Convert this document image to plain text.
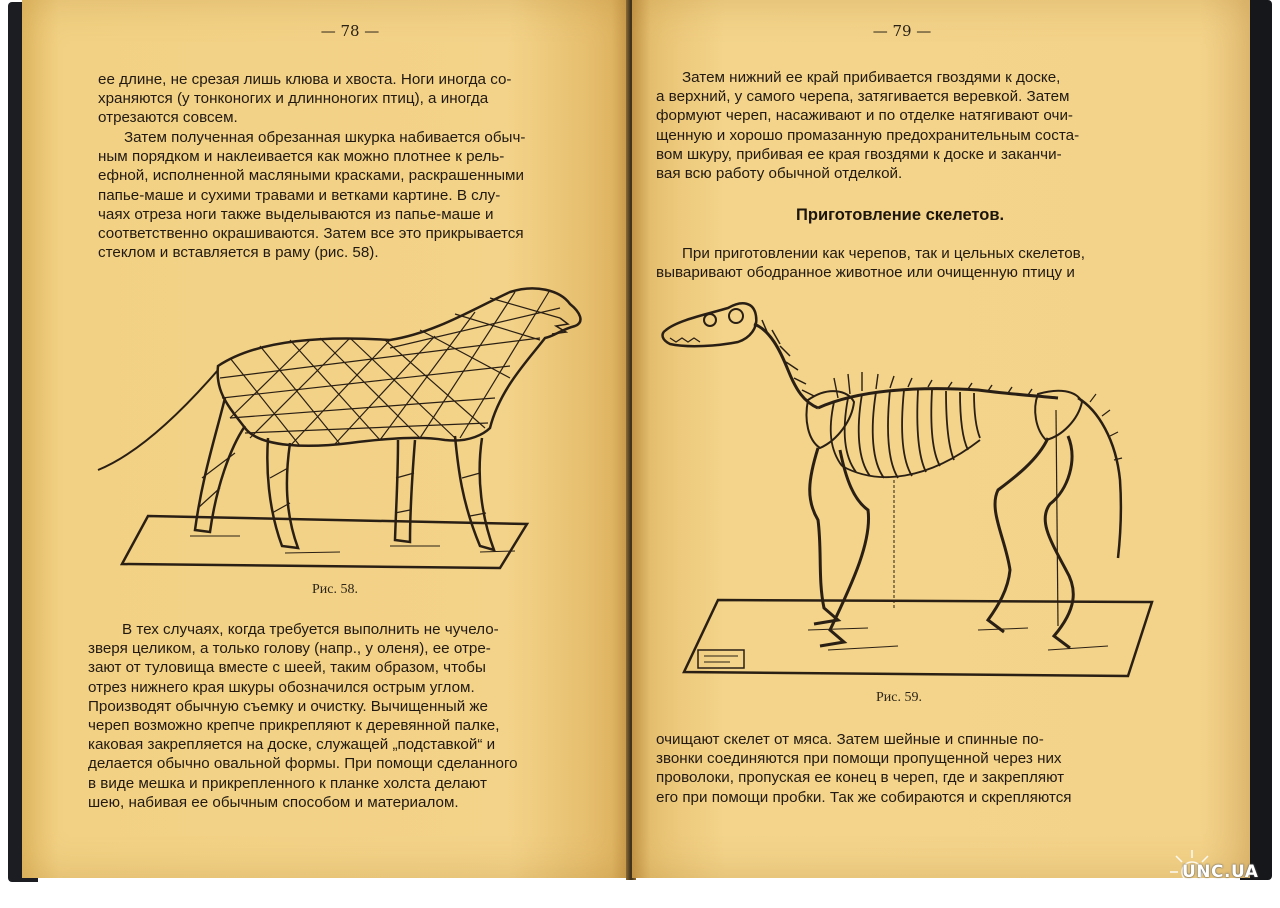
— 78 —
ее длине, не срезая лишь клюва и хвоста. Ноги иногда со-
храняются (у тонконогих и длинноногих птиц), а иногда
отрезаются совсем.
Затем полученная обрезанная шкурка набивается обыч-
ным порядком и наклеивается как можно плотнее к рель-
ефной, исполненной масляными красками, раскрашенными
папье-маше и сухими травами и ветками картине. В слу-
чаях отреза ноги также выделываются из папье-маше и
соответственно окрашиваются. Затем все это прикрывается
стеклом и вставляется в раму (рис. 58).
Рис. 58.
В тех случаях, когда требуется выполнить не чучело-
зверя целиком, а только голову (напр., у оленя), ее отре-
зают от туловища вместе с шеей, таким образом, чтобы
отрез нижнего края шкуры обозначился острым углом.
Производят обычную съемку и очистку. Вычищенный же
череп возможно крепче прикрепляют к деревянной палке,
каковая закрепляется на доске, служащей „подставкой“ и
делается обычно овальной формы. При помощи сделанного
в виде мешка и прикрепленного к планке холста делают
шею, набивая ее обычным способом и материалом.
— 79 —
Затем нижний ее край прибивается гвоздями к доске,
а верхний, у самого черепа, затягивается веревкой. Затем
формуют череп, насаживают и по отделке натягивают очи-
щенную и хорошо промазанную предохранительным соста-
вом шкуру, прибивая ее края гвоздями к доске и заканчи-
вая всю работу обычной отделкой.
Приготовление скелетов.
При приготовлении как черепов, так и цельных скелетов,
вываривают ободранное животное или очищенную птицу и
Рис. 59.
очищают скелет от мяса. Затем шейные и спинные по-
звонки соединяются при помощи пропущенной через них
проволоки, пропуская ее конец в череп, где и закрепляют
его при помощи пробки. Так же собираются и скрепляются
UNC.UA
